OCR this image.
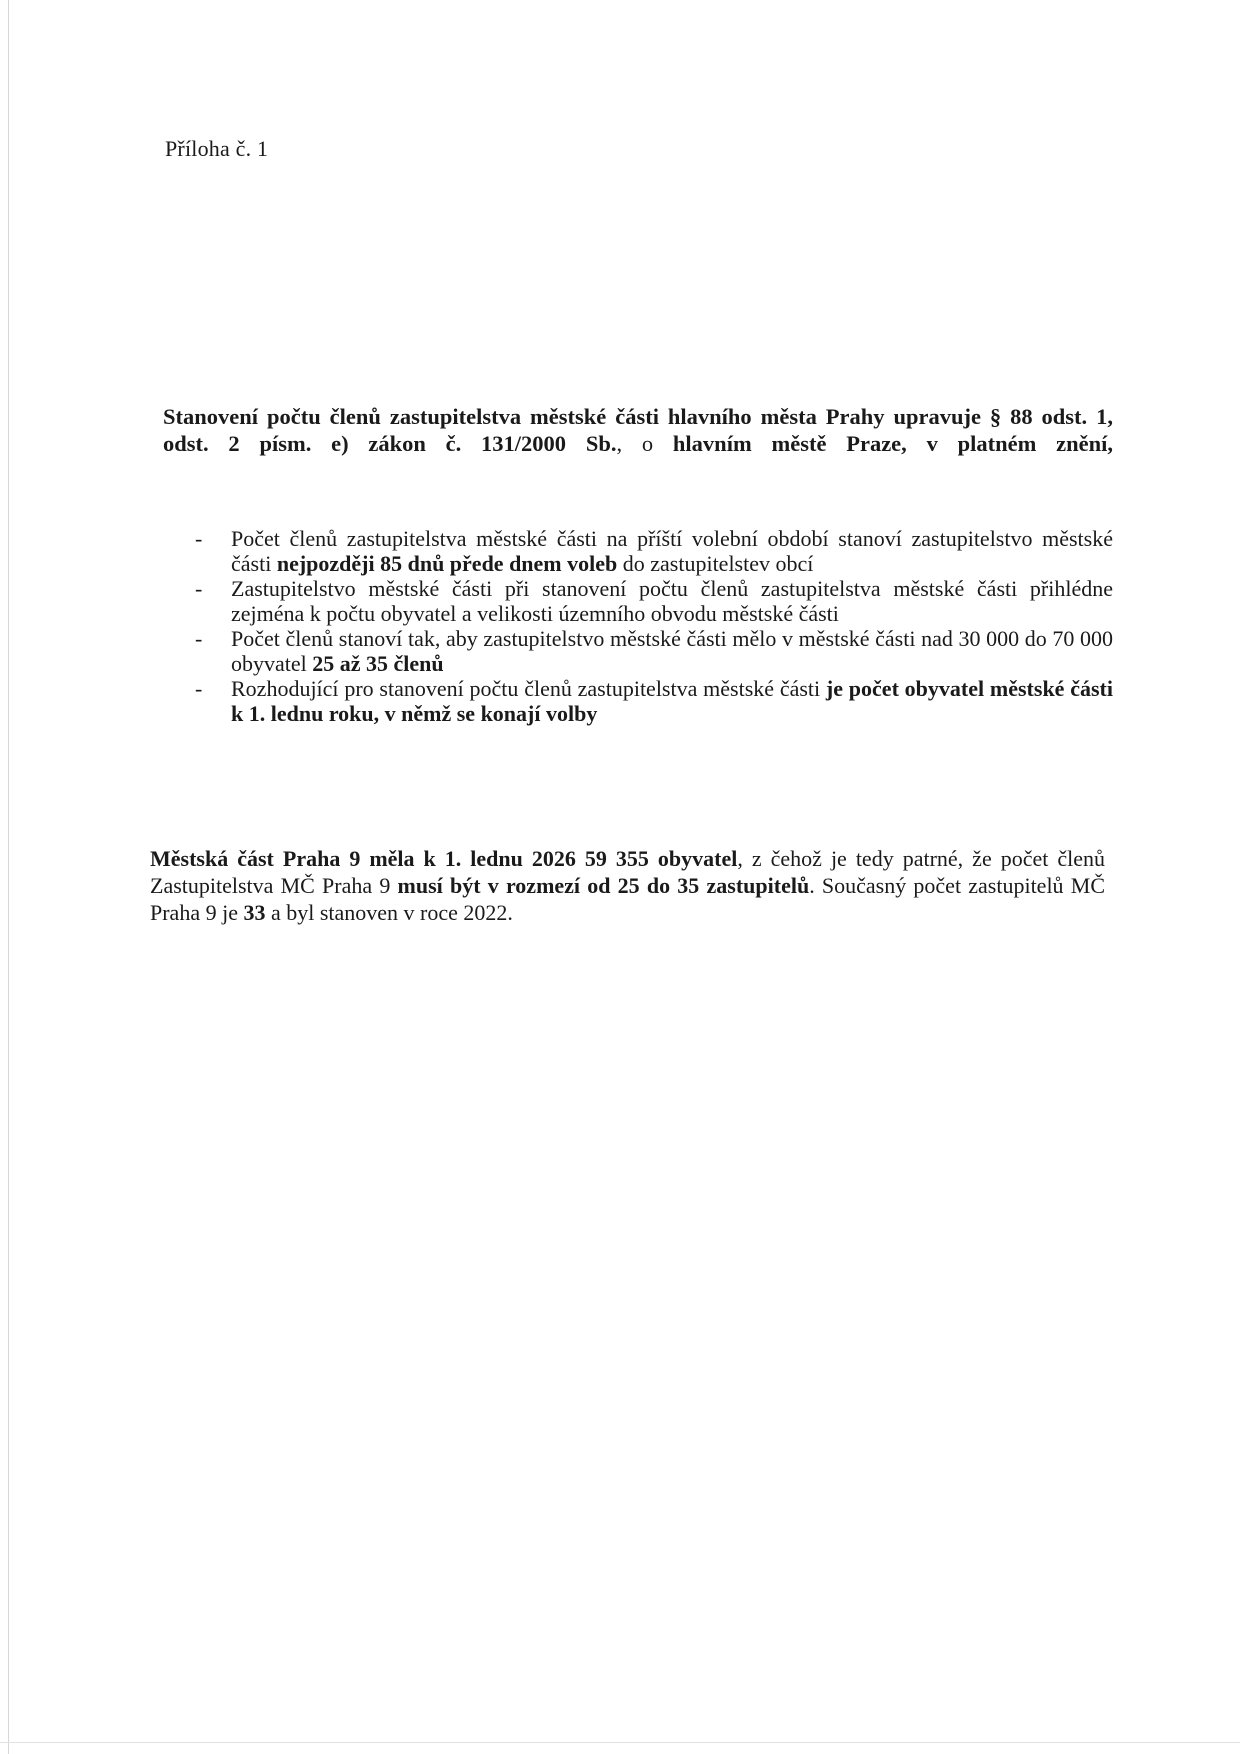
Příloha č. 1
Stanovení počtu členů zastupitelstva městské části hlavního města Prahy upravuje § 88 odst. 1, odst. 2 písm. e) zákon č. 131/2000 Sb., o hlavním městě Praze, v platném znění,
- Počet členů zastupitelstva městské části na příští volební období stanoví zastupitelstvo městské části nejpozději 85 dnů přede dnem voleb do zastupitelstev obcí
- Zastupitelstvo městské části při stanovení počtu členů zastupitelstva městské části přihlédne zejména k počtu obyvatel a velikosti územního obvodu městské části
- Počet členů stanoví tak, aby zastupitelstvo městské části mělo v městské části nad 30 000 do 70 000 obyvatel 25 až 35 členů
- Rozhodující pro stanovení počtu členů zastupitelstva městské části je počet obyvatel městské části k 1. lednu roku, v němž se konají volby
Městská část Praha 9 měla k 1. lednu 2026 59 355 obyvatel, z čehož je tedy patrné, že počet členů Zastupitelstva MČ Praha 9 musí být v rozmezí od 25 do 35 zastupitelů. Současný počet zastupitelů MČ Praha 9 je 33 a byl stanoven v roce 2022.
